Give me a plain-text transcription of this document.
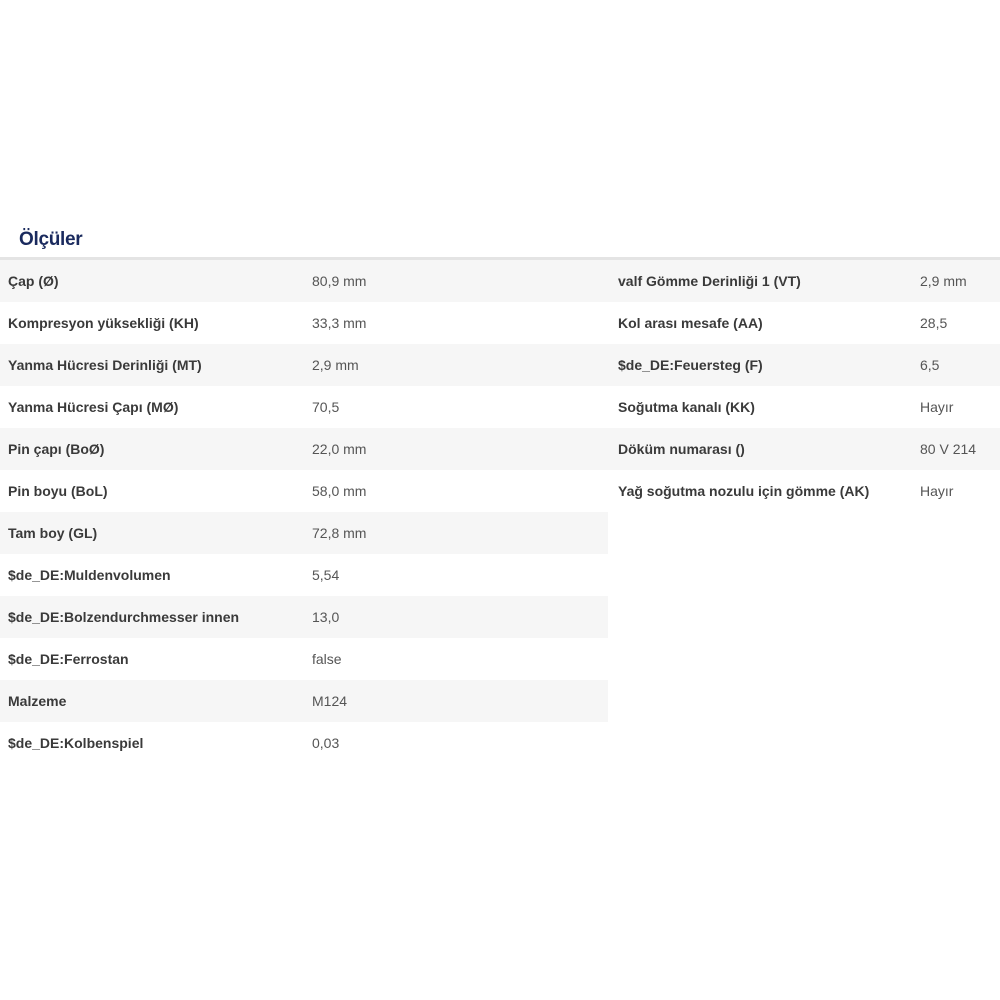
Ölçüler
Çap (Ø)	80,9 mm
Kompresyon yüksekliği (KH)	33,3 mm
Yanma Hücresi Derinliği (MT)	2,9 mm
Yanma Hücresi Çapı (MØ)	70,5
Pin çapı (BoØ)	22,0 mm
Pin boyu (BoL)	58,0 mm
Tam boy (GL)	72,8 mm
$de_DE:Muldenvolumen	5,54
$de_DE:Bolzendurchmesser innen	13,0
$de_DE:Ferrostan	false
Malzeme	M124
$de_DE:Kolbenspiel	0,03
valf Gömme Derinliği 1 (VT)	2,9 mm
Kol arası mesafe (AA)	28,5
$de_DE:Feuersteg (F)	6,5
Soğutma kanalı (KK)	Hayır
Döküm numarası ()	80 V 214
Yağ soğutma nozulu için gömme (AK)	Hayır
